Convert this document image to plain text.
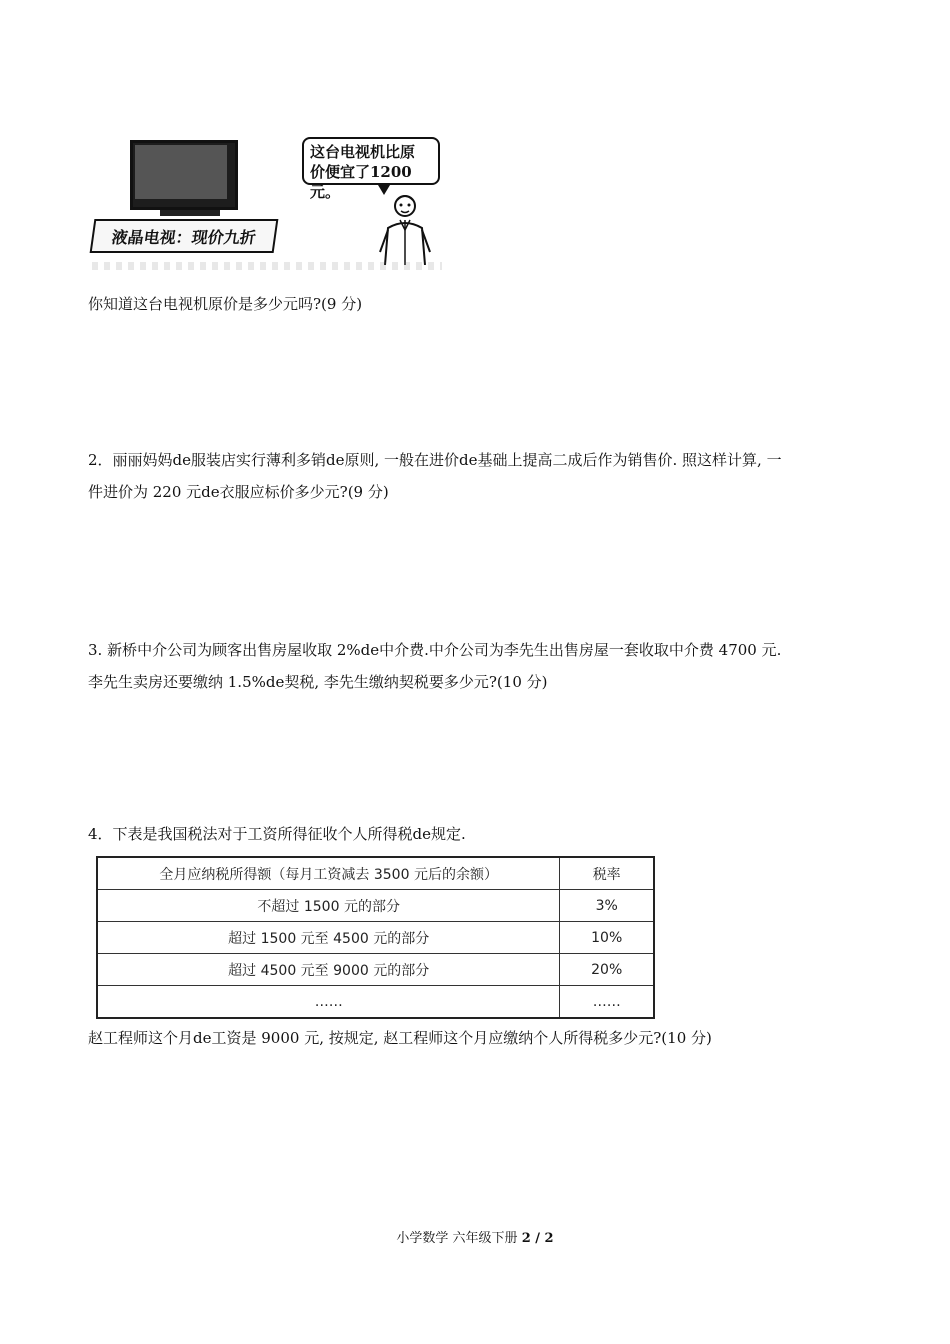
液晶电视：现价九折
这台电视机比原
价便宜了1200元。
你知道这台电视机原价是多少元吗?(9 分)
2．丽丽妈妈de服装店实行薄利多销de原则, 一般在进价de基础上提高二成后作为销售价. 照这样计算, 一
件进价为 220 元de衣服应标价多少元?(9 分)
3. 新桥中介公司为顾客出售房屋收取 2%de中介费.中介公司为李先生出售房屋一套收取中介费 4700 元.
李先生卖房还要缴纳 1.5%de契税, 李先生缴纳契税要多少元?(10 分)
4．下表是我国税法对于工资所得征收个人所得税de规定.
全月应纳税所得额（每月工资减去 3500 元后的余额）	税率
不超过 1500 元的部分	3%
超过 1500 元至 4500 元的部分	10%
超过 4500 元至 9000 元的部分	20%
……	……
赵工程师这个月de工资是 9000 元, 按规定, 赵工程师这个月应缴纳个人所得税多少元?(10 分)
小学数学 六年级下册 2 / 2
